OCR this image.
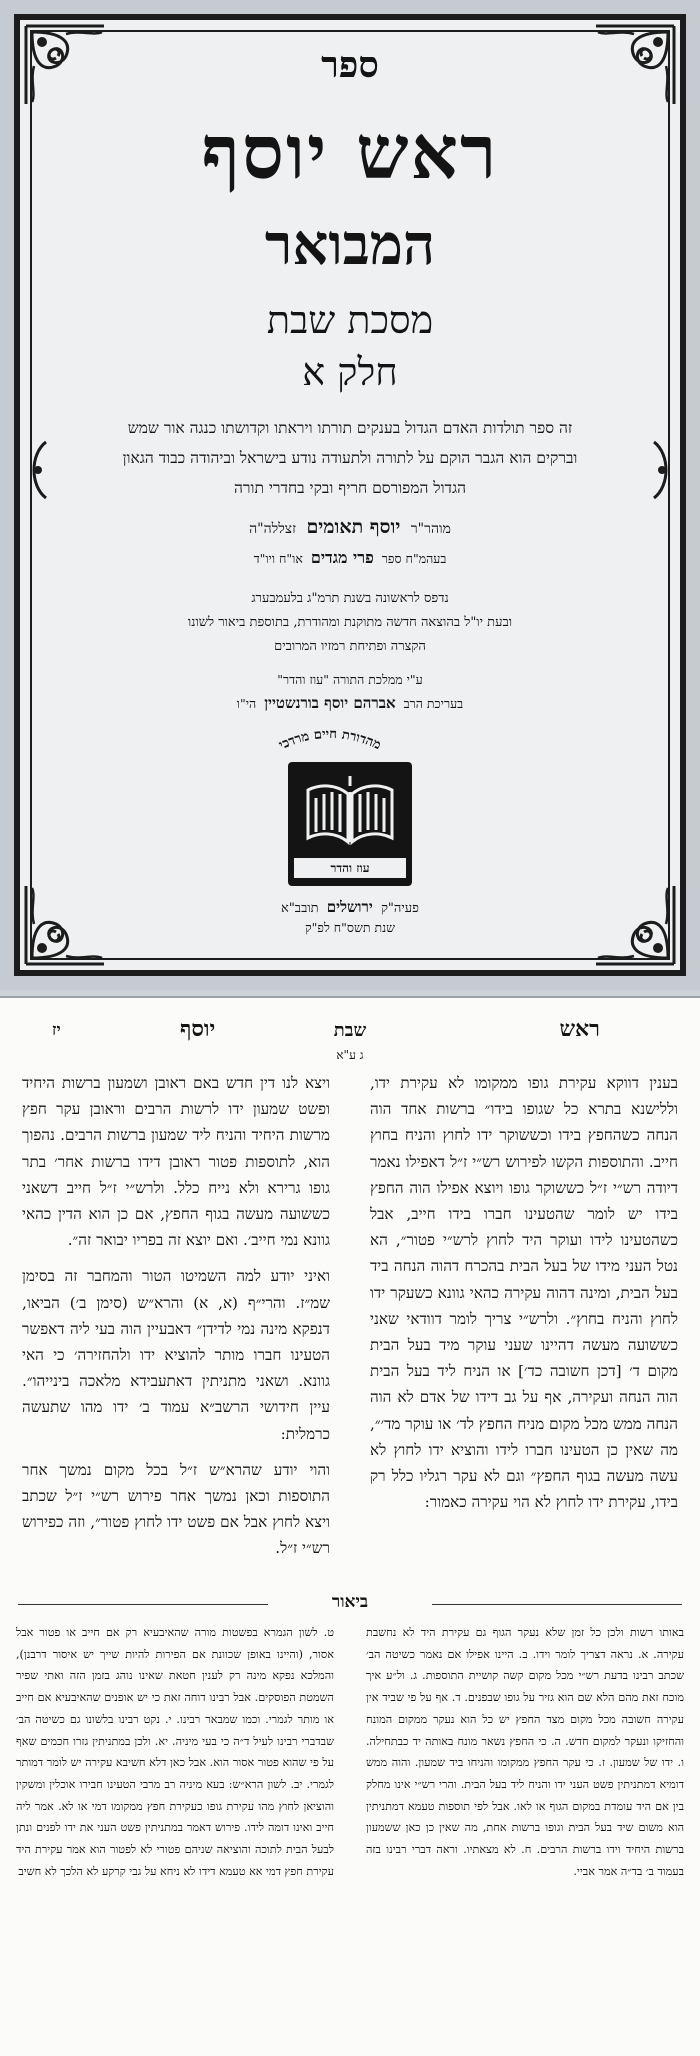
ספר
ראש יוסף
המבואר
מסכת שבת
חלק א
זה ספר תולדות האדם הגדול בענקים תורתו ויראתו וקדושתו כנגה אור שמש
וברקים הוא הגבר הוקם על לתורה ולתעודה נודע בישראל וביהודה כבוד הגאון
הגדול המפורסם חריף ובקי בחדרי תורה
מוהר"ר יוסף תאומים זצללה"ה
בעהמ"ח ספר פרי מגדים או"ח ויו"ד
נדפס לראשונה בשנת תרמ"ג בלעמבערג
ובעת יו"ל בהוצאה חדשה מתוקנת ומהודרת, בתוספת ביאור לשונו
הקצרה ופתיחת רמזיו המרובים
ע"י ממלכת התורה "עוז והדר"
בעריכת הרב אברהם יוסף בורנשטיין הי"ו
מהדורת חיים מרדכי
עוז והדר
פעיה"ק ירושלים תובב"א
שנת תשס"ח לפ"ק
ראש
שבת
יוסף
יז
ג ע"א

בענין דווקא עקירת גופו ממקומו לא עקירת ידו, וללישנא בתרא כל שגופו בידו״ ברשות אחד הוה הנחה כשהחפץ בידו וכששוקר ידו לחוץ והניח בחוץ חייב. והתוספות הקשו לפירוש רש״י ז״ל דאפילו נאמר דיודה רש״י ז״ל כששוקר גופו ויוצא אפילו הוה החפץ בידו יש לומר שהטעינו חברו בידו חייב, אבל כשהטעינו לידו ועוקר היד לחוץ לרש״י פטור״, הא נטל העני מידו של בעל הבית בהכרח דהוה הנחה ביד בעל הבית, ומינה דהוה עקירה כהאי גוונא כשעקר ידו לחוץ והניח בחוץ״. ולרש״י צריך לומר דוודאי שאני כששועה מעשה דהיינו שעני עוקר מיד בעל הבית מקום ד׳ [דכן חשובה כד׳] או הניח ליד בעל הבית הוה הנחה ועקירה, אף על גב דידו של אדם לא הוה הנחה ממש מכל מקום מניח החפץ לד׳ או עוקר מד׳״, מה שאין כן הטעינו חברו לידו והוציא ידו לחוץ לא עשה מעשה בגוף החפץ״ וגם לא עקר רגליו כלל רק בידו, עקירת ידו לחוץ לא הוי עקירה כאמור:

ויצא לנו דין חדש באם ראובן ושמעון ברשות היחיד ופשט שמעון ידו לרשות הרבים וראובן עקר חפץ מרשות היחיד והניח ליד שמעון ברשות הרבים. נהפוך הוא, לתוספות פטור ראובן דידו ברשות אחר׳ בתר גופו גרירא ולא נייח כלל. ולרש״י ז״ל חייב דשאני כששועה מעשה בגוף החפץ, אם כן הוא הדין כהאי גוונא נמי חייב׳. ואם יוצא זה בפריו יבואר זה״.

ואיני יודע למה השמיטו הטור והמחבר זה בסימן שמ״ז. והרי״ף (א, א) והרא״ש (סימן ב׳) הביאו, דנפקא מינה נמי לדידן״ דאבעיין הוה בעי ליה דאפשר הטעינו חברו מותר להוציא ידו ולהחזירה׳ כי האי גוונא. ושאני מתניתין דאתעבידא מלאכה בינייהו״. עיין חידושי הרשב״א עמוד ב׳ ידו מהו שתעשה כרמלית:

והוי יודע שהרא״ש ז״ל בכל מקום נמשך אחר התוספות וכאן נמשך אחר פירוש רש״י ז״ל שכתב ויצא לחוץ אבל אם פשט ידו לחוץ פטור״, וזה כפירוש רש״י ז״ל.

ביאור

באותו רשות ולכן כל זמן שלא נעקר הגוף גם עקירת היד לא נחשבת עקירה. א. נראה דצריך לומר וידו. ב. היינו אפילו אם נאמר כשיטה הב׳ שכתב רבינו בדעת רש״י מכל מקום קשה קושיית התוספות. ג. ול״ע איך מוכח זאת מהם הלא שם הוא גזיר על גופו שבפנים. ד. אף על פי שביד אין עקירה חשובה מכל מקום מצד החפץ יש כל הוא נעקר ממקום המונח והחזיקו ונעקר למקום חדש. ה. כי החפץ נשאר מונח באותה יד כבתחילה. ו. ידו של שמעון. ז. כי עקר החפץ ממקומו והניחו ביד שמעון. והוה ממש דומיא דמתניתין פשט העני ידו והניח ליד בעל הבית. והרי רש״י אינו מחלק בין אם היד עומדת במקום הגוף או לאו. אבל לפי תוספות טעמא דמתניתין הוא משום שיד בעל הבית וגופו ברשות אחת, מה שאין כן כאן ששמעון ברשות היחיד וידו ברשות הרבים. ח. לא מצאתיו. וראה דברי רבינו בזה בעמוד ב׳ בד״ה אמר אביי.

ט. לשון הגמרא בפשטות מורה שהאיבעיא רק אם חייב או פטור אבל אסור, (והיינו באופן שכוונת אם הפירות להיות שייך יש איסור דרבנן), והמלכא נפקא מינה רק לענין חטאת שאינו נוהג בזמן הזה ואתי שפיר השמטת הפוסקים. אבל רבינו דוחה זאת כי יש אופנים שהאיבעיא אם חייב או מותר לגמרי. וכמו שמבאר רבינו. י. נקט רבינו בלשונו גם כשיטה הב׳ שבדברי רבינו לעיל ד״ה כי בעי מיניה. יא. ולכן במתניתין גזרו חכמים שאף על פי שהוא פטור אסור הוא. אבל כאן דלא חשיבא עקירה יש לומר דמותר לגמרי. יב. לשון הרא״ש: בעא מיניה רב מרבי הטעינו חבירו אוכלין ומשקין והוציאן לחוץ מהו עקירת גופו כעקירת חפץ ממקומו דמי או לא. אמר ליה חייב ואינו דומה לידו. פירוש דאמר במתניתין פשט העני את ידו לפנים ונתן לבעל הבית לתוכה והוציאה שניהם פטורי לא לפטור הוא אמר עקירת היד עקירת חפץ דמי אא טעמא דידו לא ניחא על גבי קרקע לא הלכך לא חשיב
